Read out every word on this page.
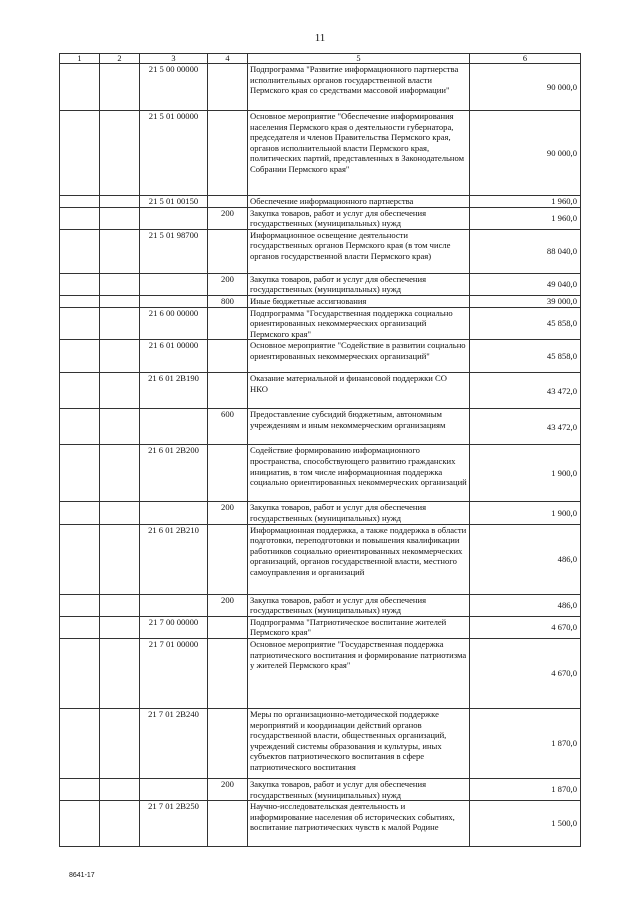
11
1	2	3	4	5	6
		21 5 00 00000		Подпрограмма "Развитие информационного партнерства исполнительных органов государственной власти Пермского края со средствами массовой информации"	90 000,0
		21 5 01 00000		Основное мероприятие "Обеспечение информирования населения Пермского края о деятельности губернатора, председателя и членов Правительства Пермского края, органов исполнительной власти Пермского края, политических партий, представленных в Законодательном Собрании Пермского края"	90 000,0
		21 5 01 00150		Обеспечение информационного партнерства	1 960,0
			200	Закупка товаров, работ и услуг для обеспечения государственных (муниципальных) нужд	1 960,0
		21 5 01 98700		Информационное освещение деятельности государственных органов Пермского края (в том числе органов государственной власти Пермского края)	88 040,0
			200	Закупка товаров, работ и услуг для обеспечения государственных (муниципальных) нужд	49 040,0
			800	Иные бюджетные ассигнования	39 000,0
		21 6 00 00000		Подпрограмма "Государственная поддержка социально ориентированных некоммерческих организаций Пермского края"	45 858,0
		21 6 01 00000		Основное мероприятие "Содействие в развитии социально ориентированных некоммерческих организаций"	45 858,0
		21 6 01 2В190		Оказание материальной и финансовой поддержки СО НКО	43 472,0
			600	Предоставление субсидий бюджетным, автономным учреждениям и иным некоммерческим организациям	43 472,0
		21 6 01 2В200		Содействие формированию информационного пространства, способствующего развитию гражданских инициатив, в том числе информационная поддержка социально ориентированных некоммерческих организаций	1 900,0
			200	Закупка товаров, работ и услуг для обеспечения государственных (муниципальных) нужд	1 900,0
		21 6 01 2В210		Информационная поддержка, а также поддержка в области подготовки, переподготовки и повышения квалификации работников социально ориентированных некоммерческих организаций, органов государственной власти, местного самоуправления и организаций	486,0
			200	Закупка товаров, работ и услуг для обеспечения государственных (муниципальных) нужд	486,0
		21 7 00 00000		Подпрограмма "Патриотическое воспитание жителей Пермского края"	4 670,0
		21 7 01 00000		Основное мероприятие "Государственная поддержка патриотического воспитания и формирование патриотизма у жителей Пермского края"	4 670,0
		21 7 01 2В240		Меры по организационно-методической поддержке мероприятий и координации действий органов государственной власти, общественных организаций, учреждений системы образования и культуры, иных субъектов патриотического воспитания в сфере патриотического воспитания	1 870,0
			200	Закупка товаров, работ и услуг для обеспечения государственных (муниципальных) нужд	1 870,0
		21 7 01 2В250		Научно-исследовательская деятельность и информирование населения об исторических событиях, воспитание патриотических чувств к малой Родине	1 500,0
8641-17
